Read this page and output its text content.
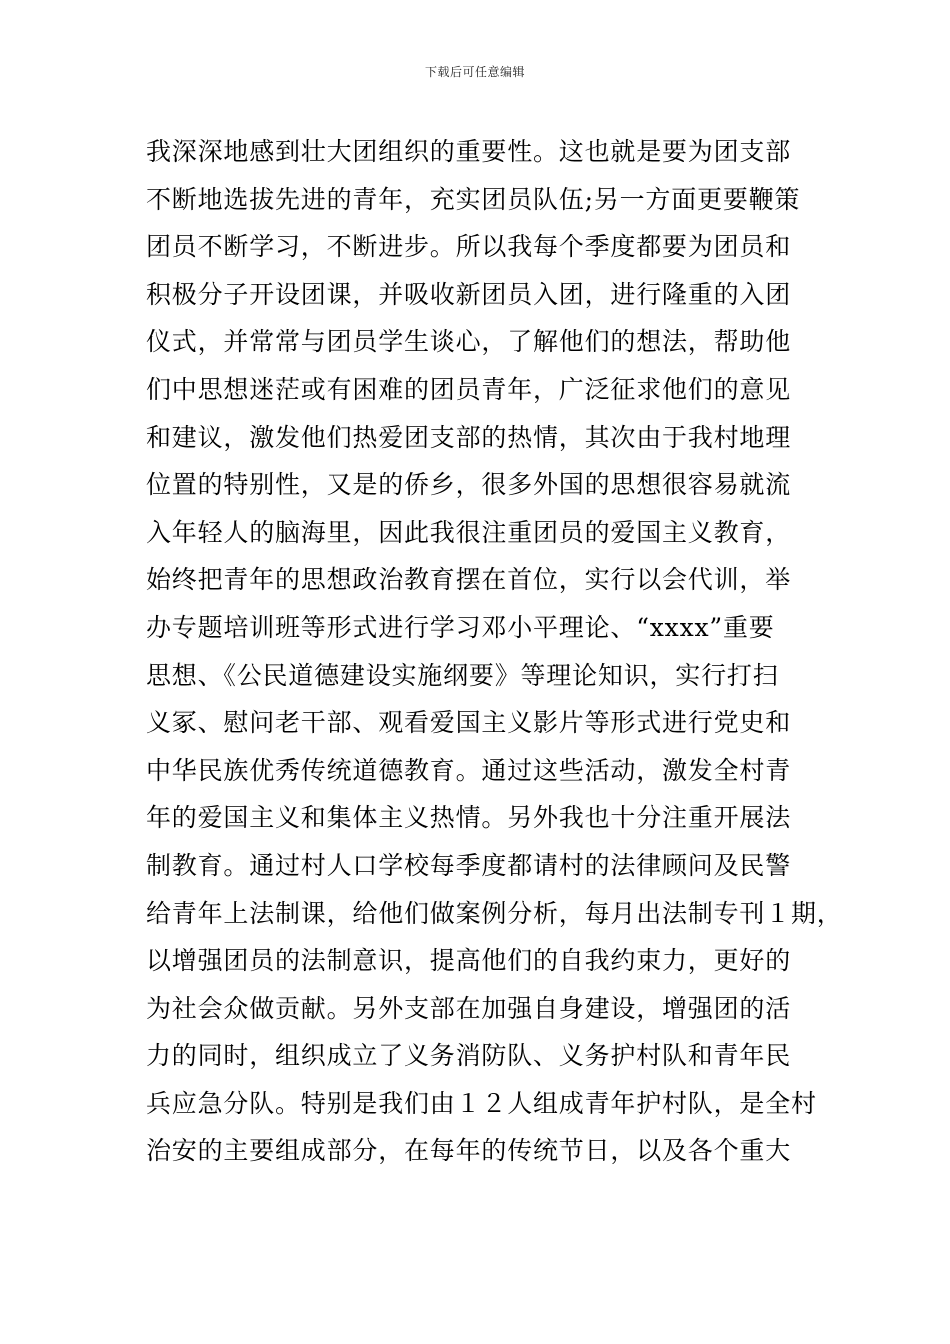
下载后可任意编辑
我深深地感到壮大团组织的重要性。这也就是要为团支部
不断地选拔先进的青年，充实团员队伍;另一方面更要鞭策
团员不断学习，不断进步。所以我每个季度都要为团员和
积极分子开设团课，并吸收新团员入团，进行隆重的入团
仪式，并常常与团员学生谈心，了解他们的想法，帮助他
们中思想迷茫或有困难的团员青年，广泛征求他们的意见
和建议，激发他们热爱团支部的热情，其次由于我村地理
位置的特别性，又是的侨乡，很多外国的思想很容易就流
入年轻人的脑海里，因此我很注重团员的爱国主义教育，
始终把青年的思想政治教育摆在首位，实行以会代训，举
办专题培训班等形式进行学习邓小平理论、“xxxx”重要
思想、《公民道德建设实施纲要》等理论知识，实行打扫
义冢、慰问老干部、观看爱国主义影片等形式进行党史和
中华民族优秀传统道德教育。通过这些活动，激发全村青
年的爱国主义和集体主义热情。另外我也十分注重开展法
制教育。通过村人口学校每季度都请村的法律顾问及民警
给青年上法制课，给他们做案例分析，每月出法制专刊１期，
以增强团员的法制意识，提高他们的自我约束力，更好的
为社会众做贡献。另外支部在加强自身建设，增强团的活
力的同时，组织成立了义务消防队、义务护村队和青年民
兵应急分队。特别是我们由１２人组成青年护村队，是全村
治安的主要组成部分，在每年的传统节日，以及各个重大
